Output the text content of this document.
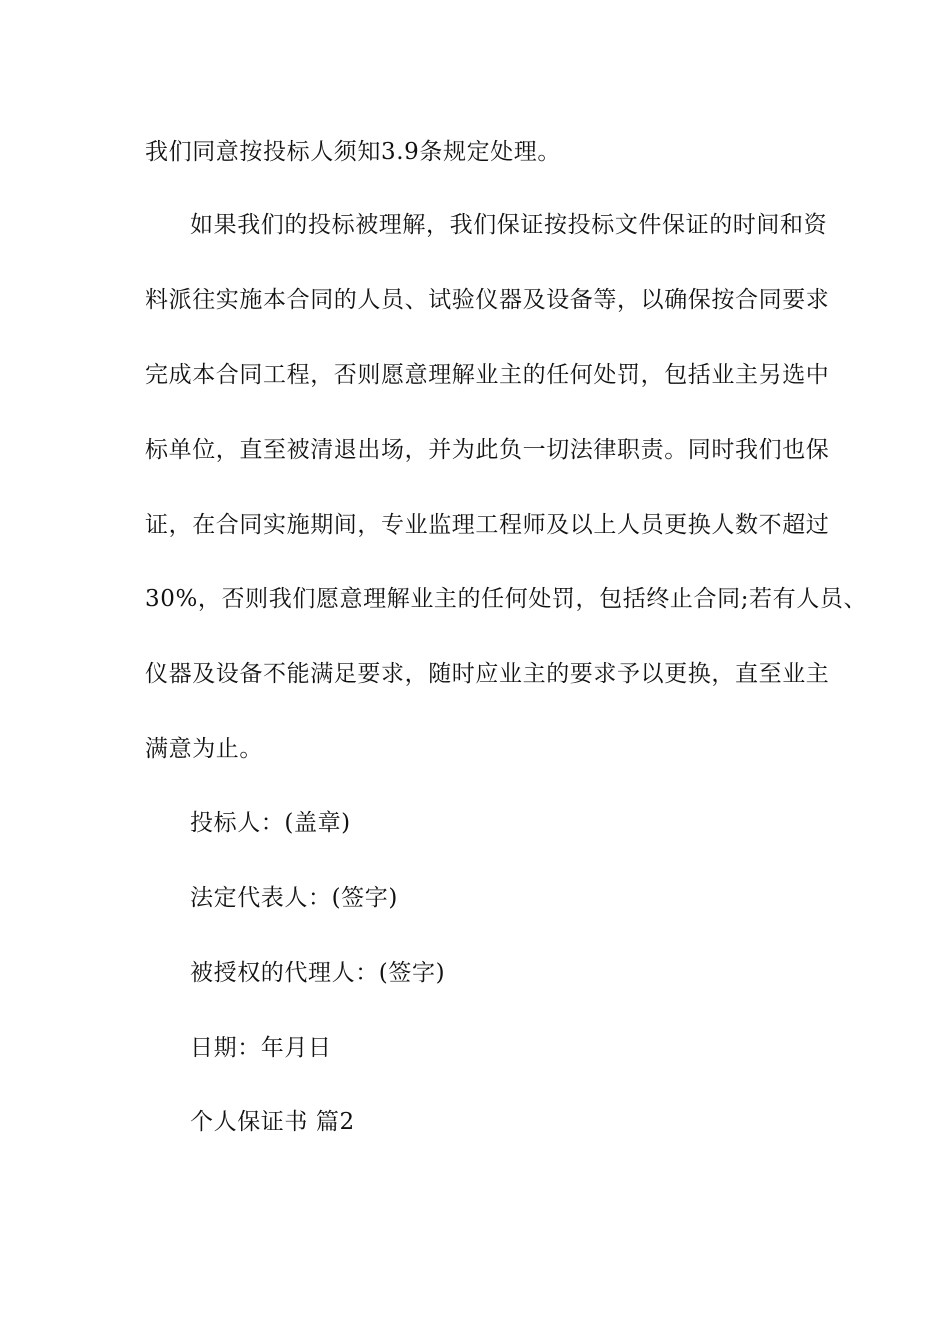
我们同意按投标人须知3.9条规定处理。
如果我们的投标被理解，我们保证按投标文件保证的时间和资
料派往实施本合同的人员、试验仪器及设备等，以确保按合同要求
完成本合同工程，否则愿意理解业主的任何处罚，包括业主另选中
标单位，直至被清退出场，并为此负一切法律职责。同时我们也保
证，在合同实施期间，专业监理工程师及以上人员更换人数不超过
30%，否则我们愿意理解业主的任何处罚，包括终止合同;若有人员、
仪器及设备不能满足要求，随时应业主的要求予以更换，直至业主
满意为止。
投标人：(盖章)
法定代表人：(签字)
被授权的代理人：(签字)
日期：年月日
个人保证书 篇2
